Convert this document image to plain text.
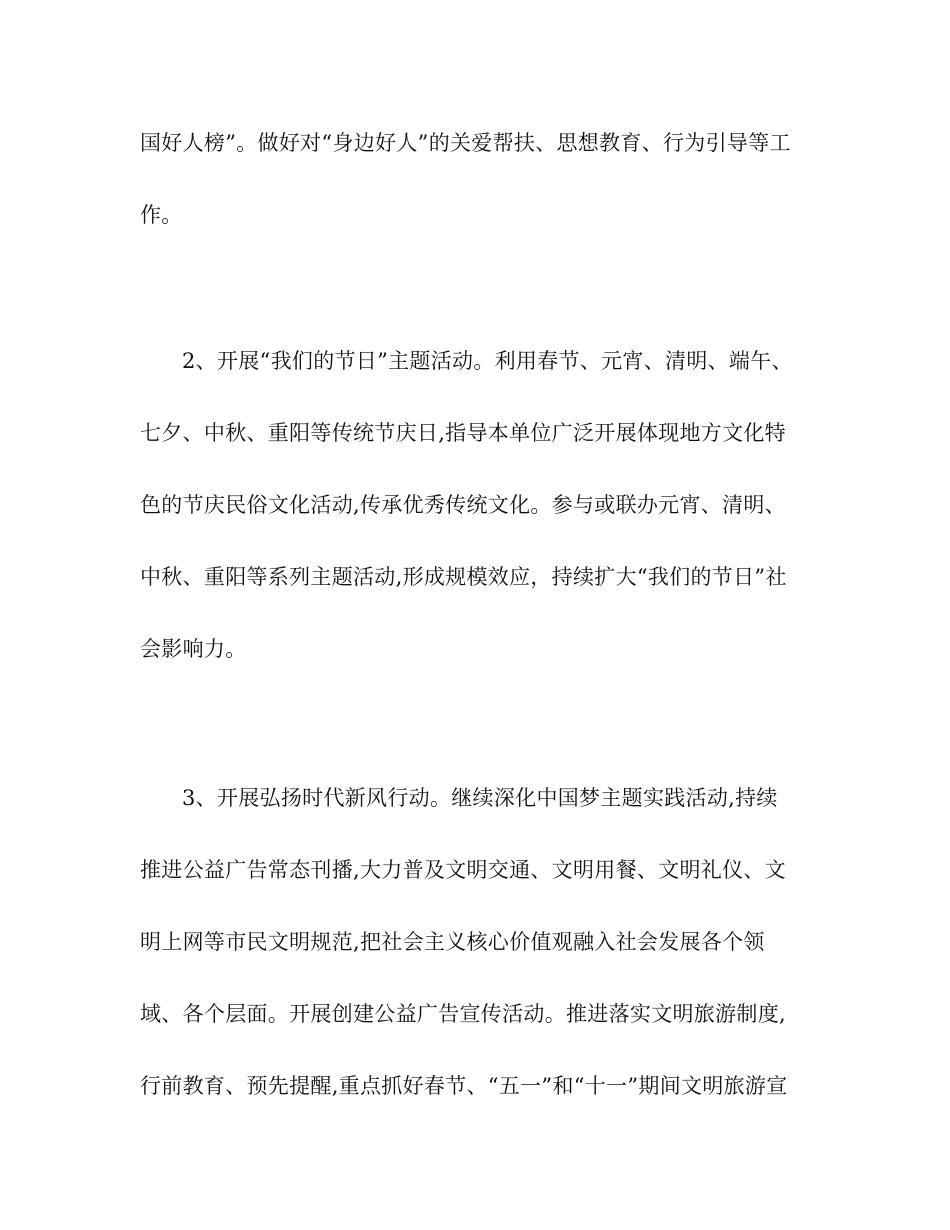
国好人榜”。做好对“身边好人”的关爱帮扶、思想教育、行为引导等工
作。
2、开展“我们的节日”主题活动。利用春节、元宵、清明、端午、
七夕、中秋、重阳等传统节庆日,指导本单位广泛开展体现地方文化特
色的节庆民俗文化活动,传承优秀传统文化。参与或联办元宵、清明、
中秋、重阳等系列主题活动,形成规模效应，持续扩大“我们的节日”社
会影响力。
3、开展弘扬时代新风行动。继续深化中国梦主题实践活动,持续
推进公益广告常态刊播,大力普及文明交通、文明用餐、文明礼仪、文
明上网等市民文明规范,把社会主义核心价值观融入社会发展各个领
域、各个层面。开展创建公益广告宣传活动。推进落实文明旅游制度,
行前教育、预先提醒,重点抓好春节、“五一”和“十一”期间文明旅游宣
